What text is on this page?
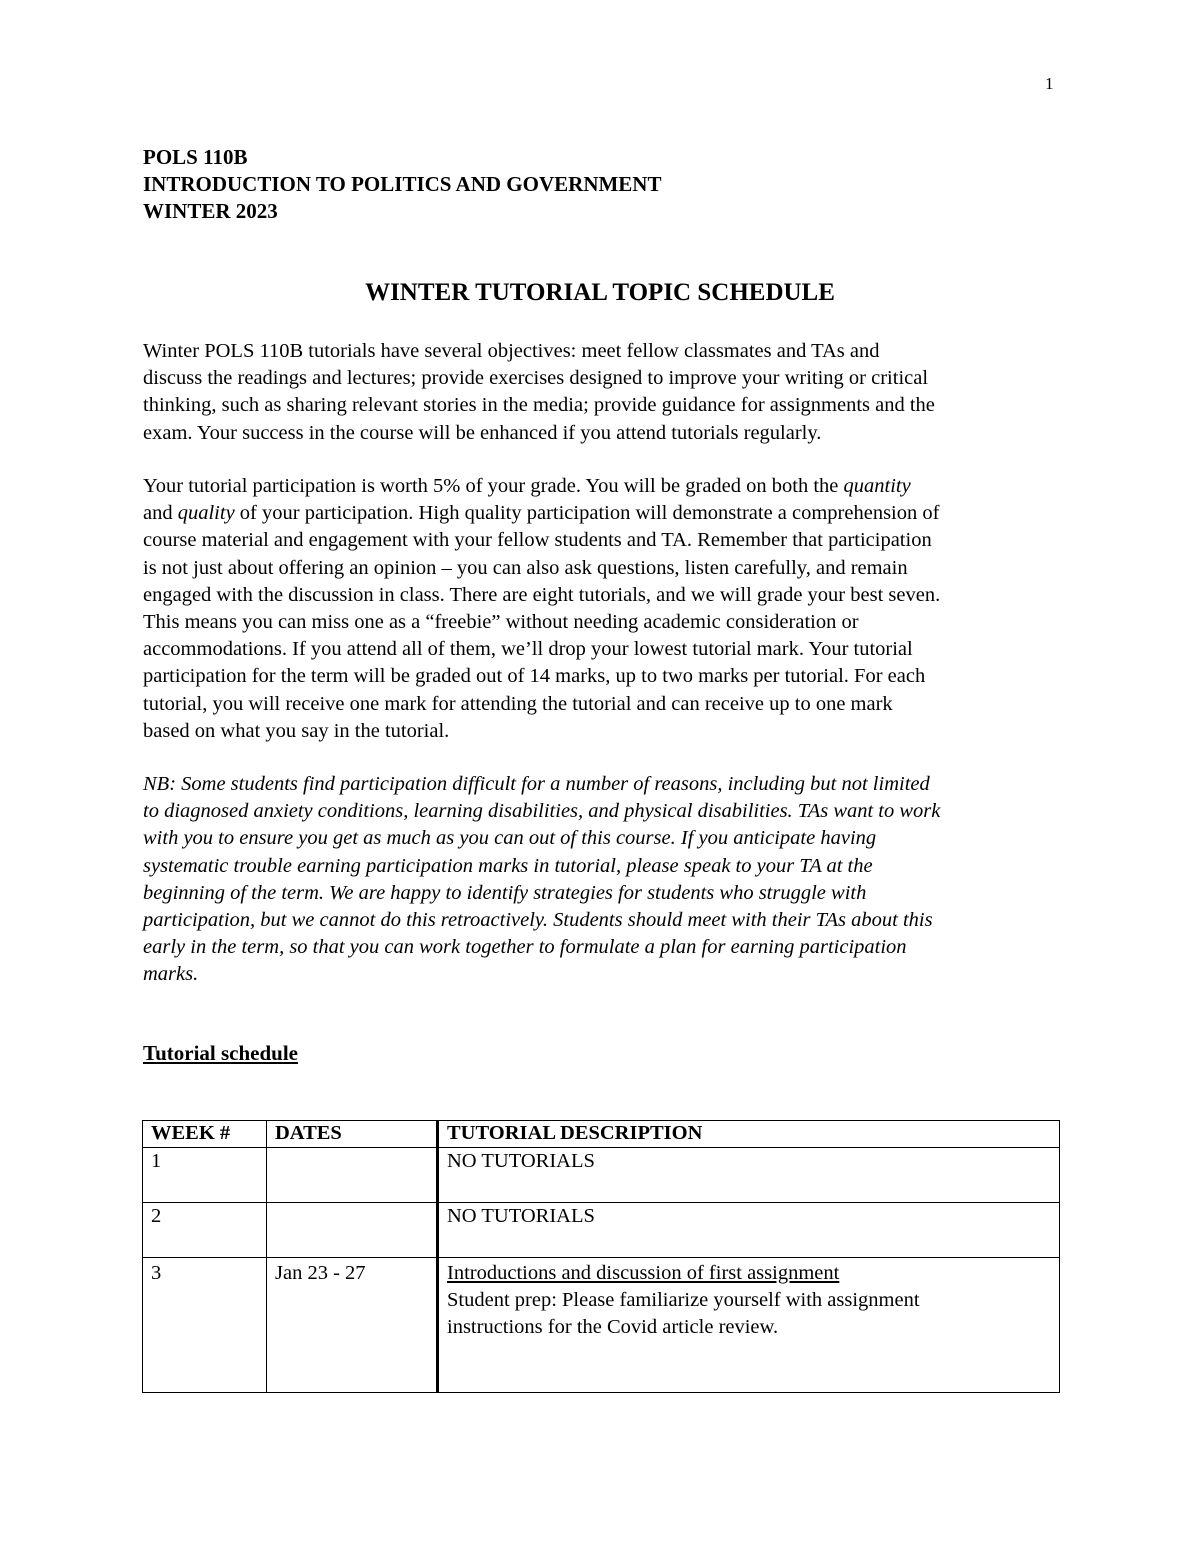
1
POLS 110B
INTRODUCTION TO POLITICS AND GOVERNMENT
WINTER 2023
WINTER TUTORIAL TOPIC SCHEDULE
Winter POLS 110B tutorials have several objectives: meet fellow classmates and TAs and
discuss the readings and lectures; provide exercises designed to improve your writing or critical
thinking, such as sharing relevant stories in the media; provide guidance for assignments and the
exam. Your success in the course will be enhanced if you attend tutorials regularly.
Your tutorial participation is worth 5% of your grade. You will be graded on both the quantity
and quality of your participation. High quality participation will demonstrate a comprehension of
course material and engagement with your fellow students and TA. Remember that participation
is not just about offering an opinion – you can also ask questions, listen carefully, and remain
engaged with the discussion in class. There are eight tutorials, and we will grade your best seven.
This means you can miss one as a “freebie” without needing academic consideration or
accommodations. If you attend all of them, we’ll drop your lowest tutorial mark. Your tutorial
participation for the term will be graded out of 14 marks, up to two marks per tutorial. For each
tutorial, you will receive one mark for attending the tutorial and can receive up to one mark
based on what you say in the tutorial.
NB: Some students find participation difficult for a number of reasons, including but not limited
to diagnosed anxiety conditions, learning disabilities, and physical disabilities. TAs want to work
with you to ensure you get as much as you can out of this course. If you anticipate having
systematic trouble earning participation marks in tutorial, please speak to your TA at the
beginning of the term. We are happy to identify strategies for students who struggle with
participation, but we cannot do this retroactively. Students should meet with their TAs about this
early in the term, so that you can work together to formulate a plan for earning participation
marks.
Tutorial schedule
WEEK #	DATES	TUTORIAL DESCRIPTION
1		NO TUTORIALS
2		NO TUTORIALS
3	Jan 23 - 27	Introductions and discussion of first assignment
Student prep: Please familiarize yourself with assignment
instructions for the Covid article review.
